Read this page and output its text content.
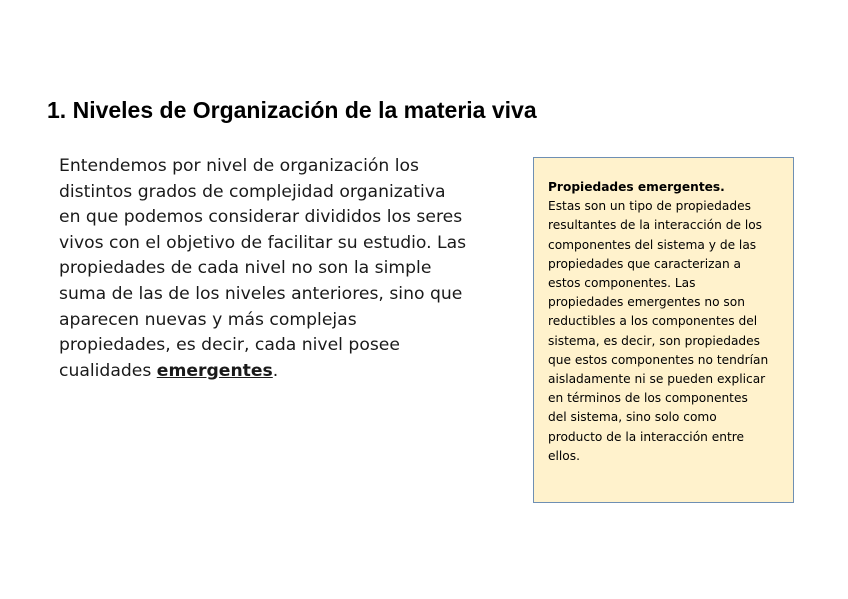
1. Niveles de Organización de la materia viva

Entendemos por nivel de organización los distintos grados de complejidad organizativa en que podemos considerar divididos los seres vivos con el objetivo de facilitar su estudio. Las propiedades de cada nivel no son la simple suma de las de los niveles anteriores, sino que aparecen nuevas y más complejas propiedades, es decir, cada nivel posee cualidades emergentes.

Propiedades emergentes.

Estas son un tipo de propiedades resultantes de la interacción de los componentes del sistema y de las propiedades que caracterizan a estos componentes. Las propiedades emergentes no son reductibles a los componentes del sistema, es decir, son propiedades que estos componentes no tendrían aisladamente ni se pueden explicar en términos de los componentes del sistema, sino solo como producto de la interacción entre ellos.
